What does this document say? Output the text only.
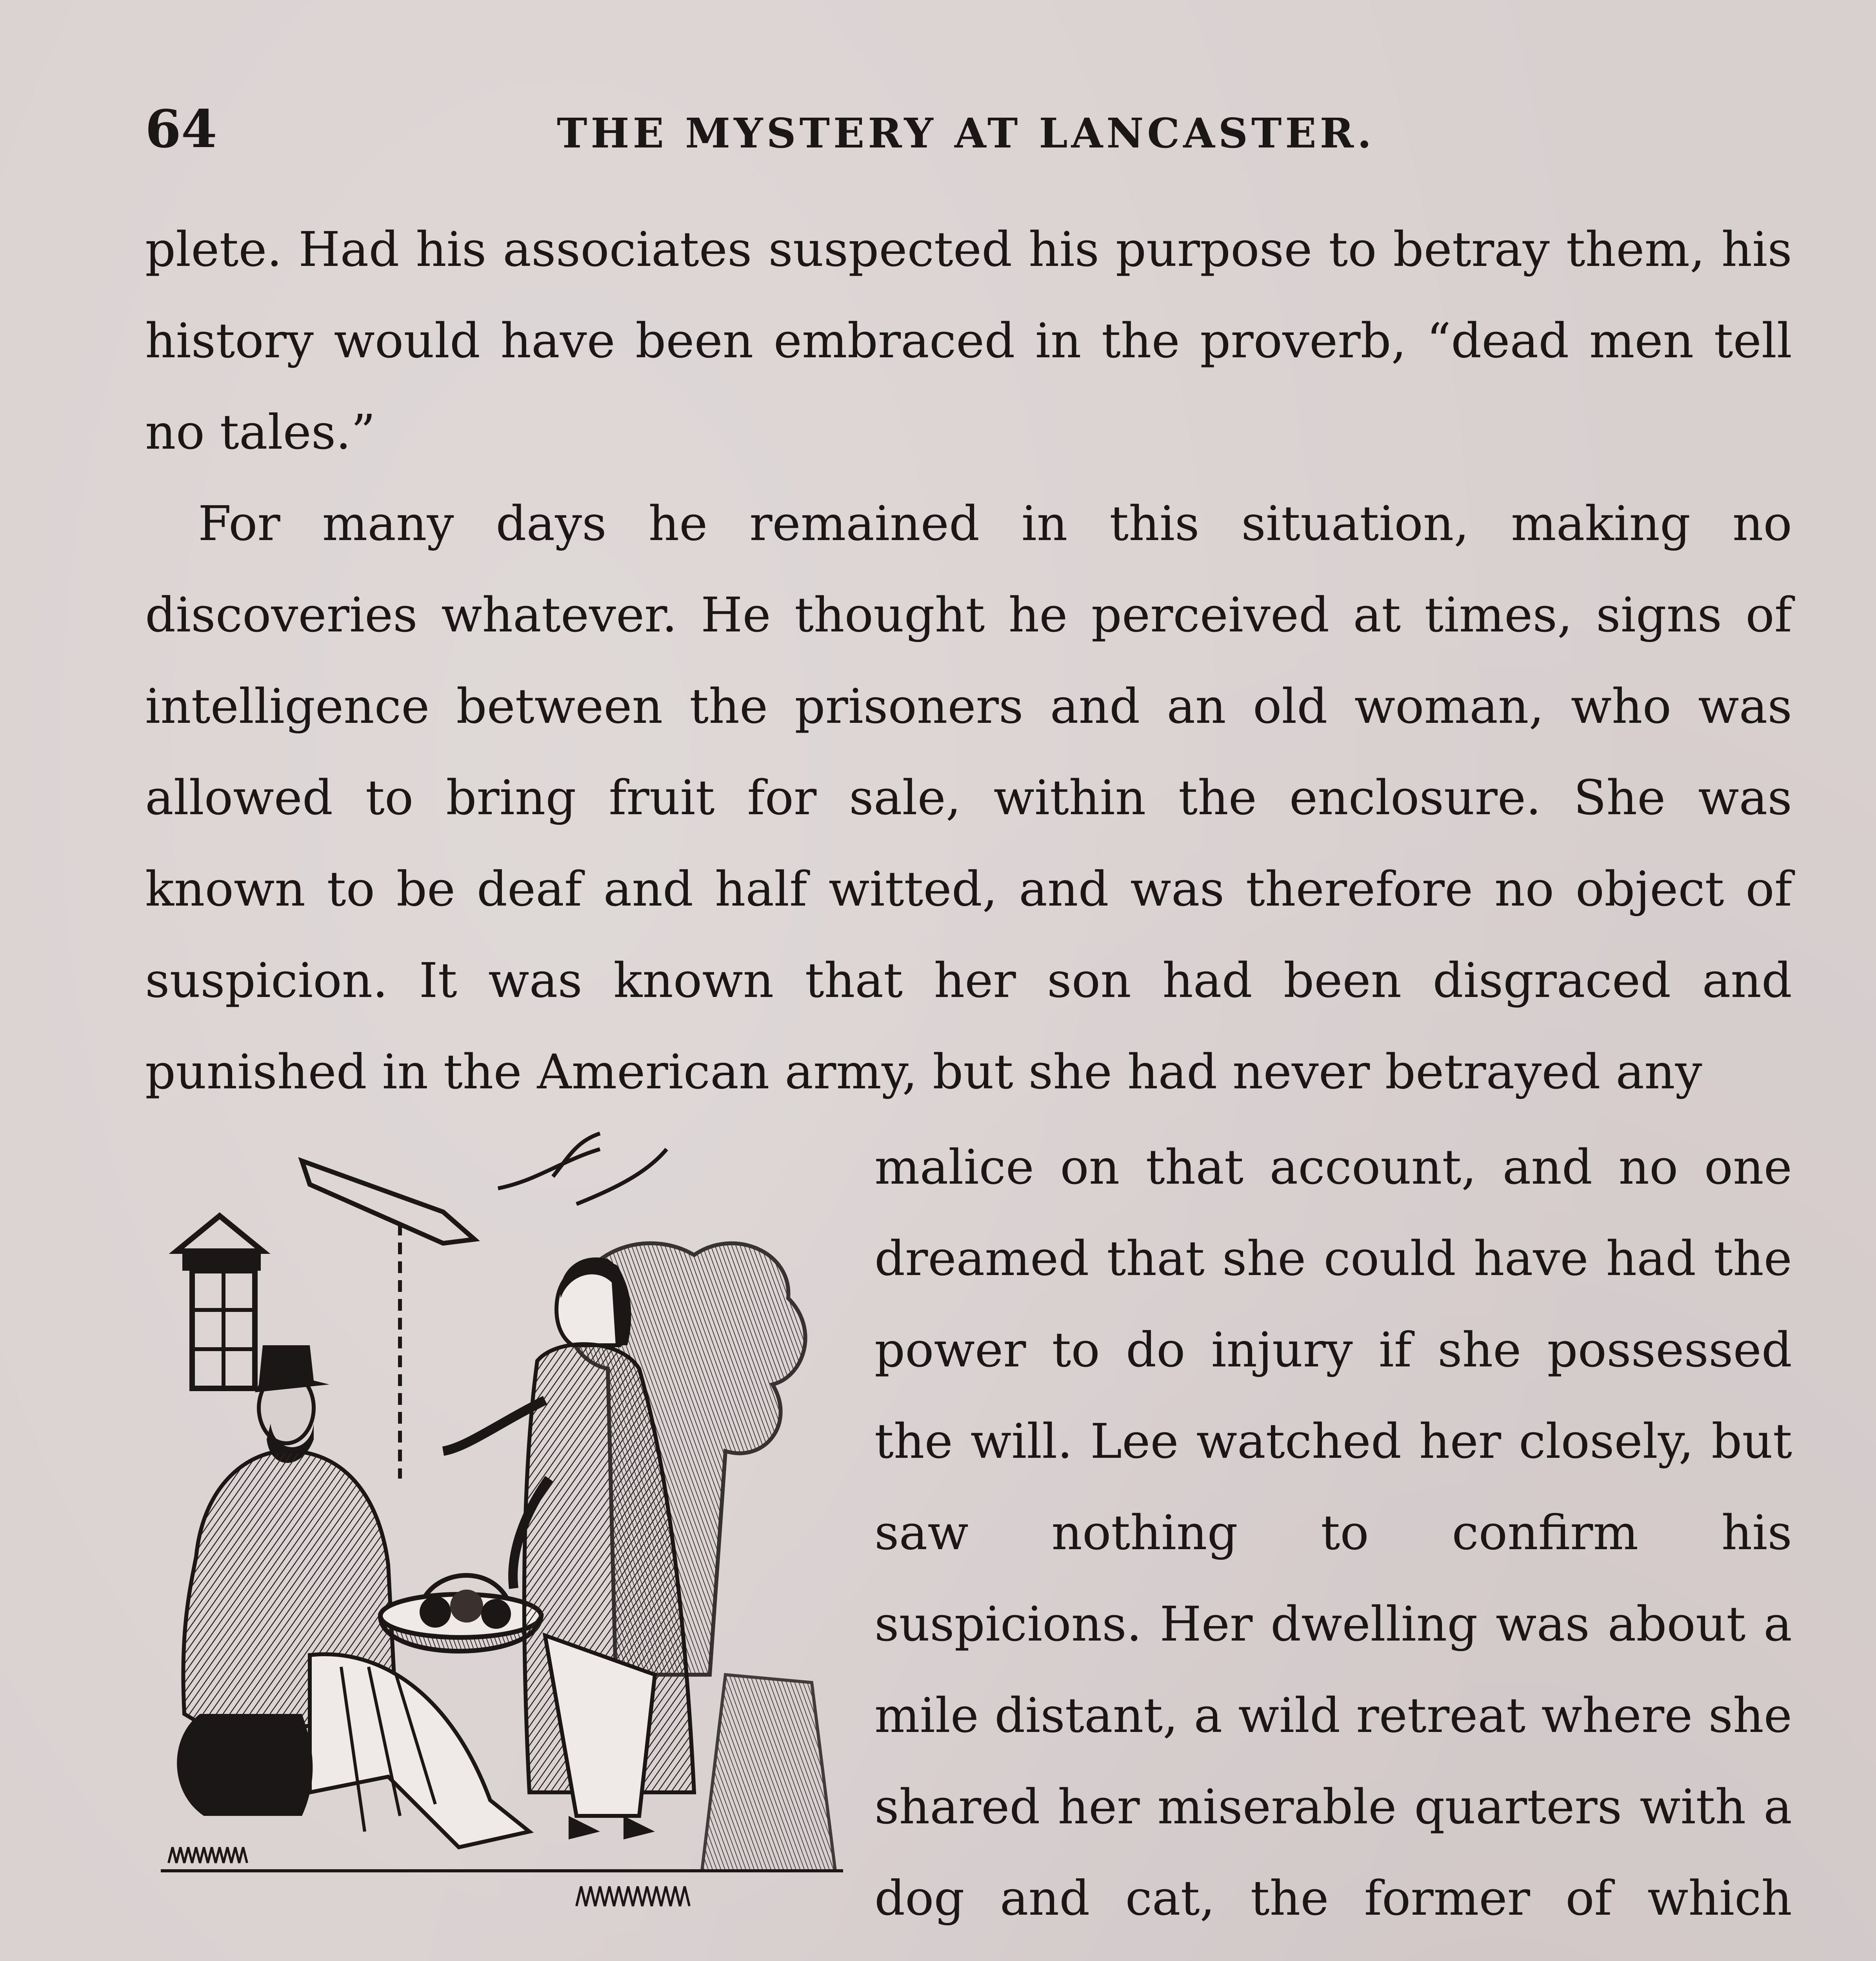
64	THE MYSTERY AT LANCASTER.

plete. Had his associates suspected his purpose to betray them, his history would have been embraced in the proverb, “dead men tell no tales.”

For many days he remained in this situation, making no discoveries whatever. He thought he perceived at times, signs of intelligence between the prisoners and an old woman, who was allowed to bring fruit for sale, within the enclosure. She was known to be deaf and half witted, and was therefore no object of suspicion. It was known that her son had been disgraced and punished in the American army, but she had never betrayed any

malice on that account, and no one dreamed that she could have had the power to do injury if she possessed the will. Lee watched her closely, but saw nothing to confirm his suspicions. Her dwelling was about a mile distant, a wild retreat where she shared her miserable quarters with a dog and cat, the former of which
